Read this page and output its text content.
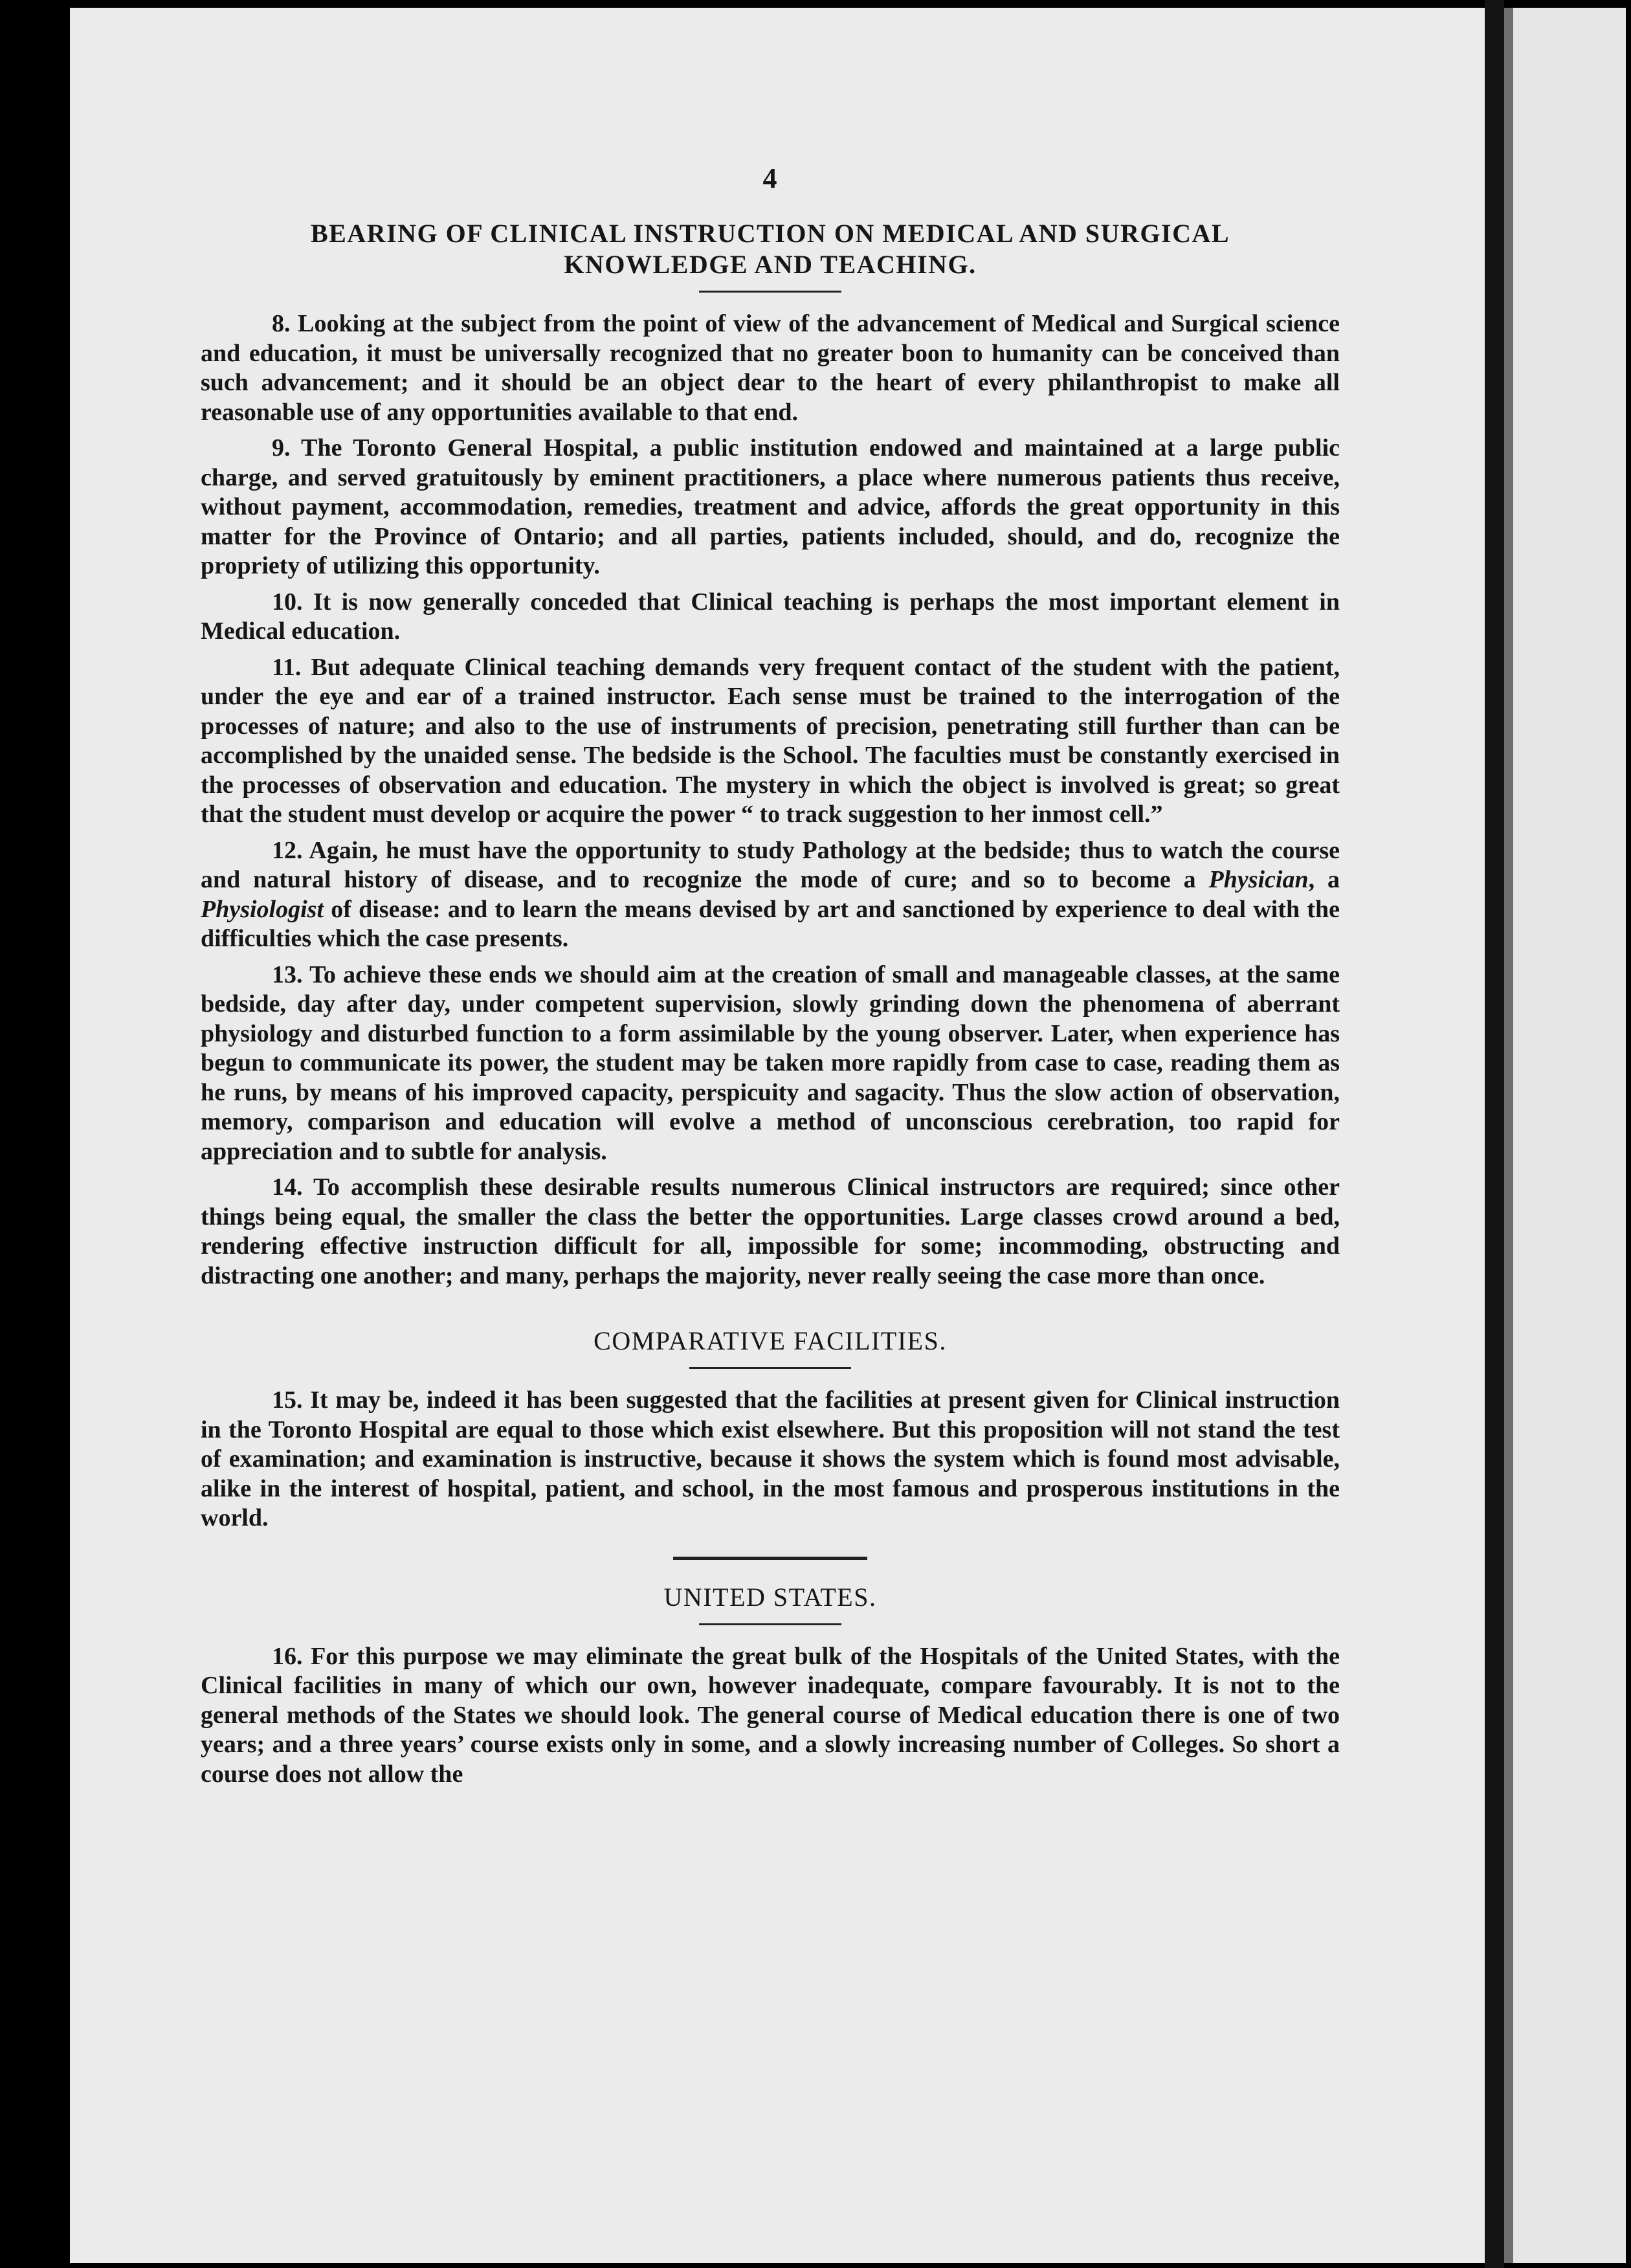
4
BEARING OF CLINICAL INSTRUCTION ON MEDICAL AND SURGICAL
KNOWLEDGE AND TEACHING.

8. Looking at the subject from the point of view of the advancement of Medical and Surgical science and education, it must be universally recognized that no greater boon to humanity can be conceived than such advancement; and it should be an object dear to the heart of every philanthropist to make all reasonable use of any opportunities available to that end.

9. The Toronto General Hospital, a public institution endowed and maintained at a large public charge, and served gratuitously by eminent practitioners, a place where numerous patients thus receive, without payment, accommodation, remedies, treatment and advice, affords the great opportunity in this matter for the Province of Ontario; and all parties, patients included, should, and do, recognize the propriety of utilizing this opportunity.

10. It is now generally conceded that Clinical teaching is perhaps the most important element in Medical education.

11. But adequate Clinical teaching demands very frequent contact of the student with the patient, under the eye and ear of a trained instructor. Each sense must be trained to the interrogation of the processes of nature; and also to the use of instruments of precision, penetrating still further than can be accomplished by the unaided sense. The bedside is the School. The faculties must be constantly exercised in the processes of observation and education. The mystery in which the object is involved is great; so great that the student must develop or acquire the power “ to track suggestion to her inmost cell.”

12. Again, he must have the opportunity to study Pathology at the bedside; thus to watch the course and natural history of disease, and to recognize the mode of cure; and so to become a Physician, a Physiologist of disease: and to learn the means devised by art and sanctioned by experience to deal with the difficulties which the case presents.

13. To achieve these ends we should aim at the creation of small and manageable classes, at the same bedside, day after day, under competent supervision, slowly grinding down the phenomena of aberrant physiology and disturbed function to a form assimilable by the young observer. Later, when experience has begun to communicate its power, the student may be taken more rapidly from case to case, reading them as he runs, by means of his improved capacity, perspicuity and sagacity. Thus the slow action of observation, memory, comparison and education will evolve a method of unconscious cerebration, too rapid for appreciation and to subtle for analysis.

14. To accomplish these desirable results numerous Clinical instructors are required; since other things being equal, the smaller the class the better the opportunities. Large classes crowd around a bed, rendering effective instruction difficult for all, impossible for some; incommoding, obstructing and distracting one another; and many, perhaps the majority, never really seeing the case more than once.

COMPARATIVE FACILITIES.

15. It may be, indeed it has been suggested that the facilities at present given for Clinical instruction in the Toronto Hospital are equal to those which exist elsewhere. But this proposition will not stand the test of examination; and examination is instructive, because it shows the system which is found most advisable, alike in the interest of hospital, patient, and school, in the most famous and prosperous institutions in the world.

UNITED STATES.

16. For this purpose we may eliminate the great bulk of the Hospitals of the United States, with the Clinical facilities in many of which our own, however inadequate, compare favourably. It is not to the general methods of the States we should look. The general course of Medical education there is one of two years; and a three years’ course exists only in some, and a slowly increasing number of Colleges. So short a course does not allow the
